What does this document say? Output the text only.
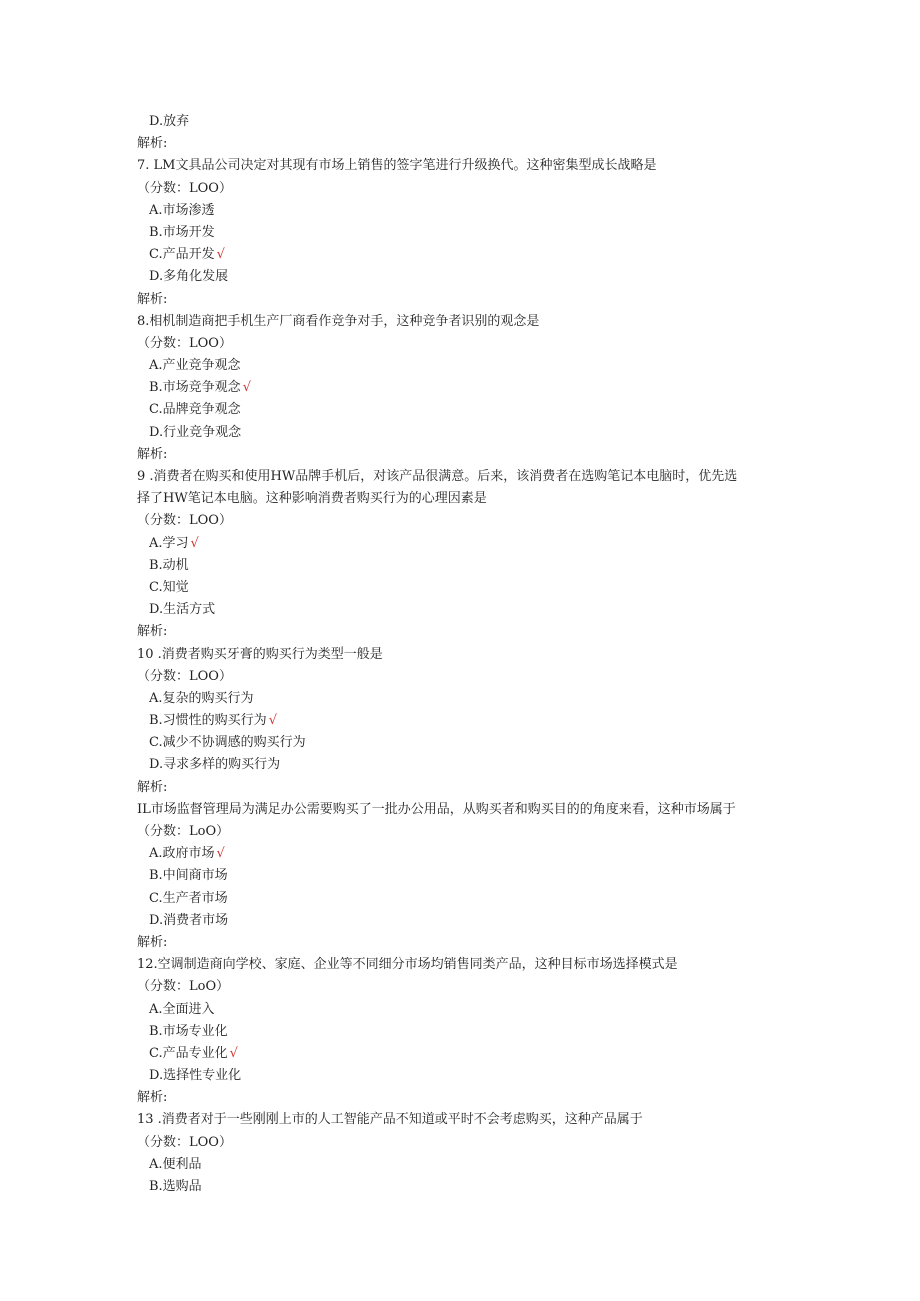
D.放弃
解析:
7. LM文具品公司决定对其现有市场上销售的签字笔进行升级换代。这种密集型成长战略是
（分数：LOO）
A.市场渗透
B.市场开发
C.产品开发 √
D.多角化发展
解析:
8.相机制造商把手机生产厂商看作竞争对手，这种竞争者识别的观念是
（分数：LOO）
A.产业竞争观念
B.市场竞争观念 √
C.品牌竞争观念
D.行业竞争观念
解析:
9 .消费者在购买和使用HW品牌手机后，对该产品很满意。后来，该消费者在选购笔记本电脑时，优先选
择了HW笔记本电脑。这种影响消费者购买行为的心理因素是
（分数：LOO）
A.学习 √
B.动机
C.知觉
D.生活方式
解析:
10 .消费者购买牙膏的购买行为类型一般是
（分数：LOO）
A.复杂的购买行为
B.习惯性的购买行为 √
C.减少不协调感的购买行为
D.寻求多样的购买行为
解析:
IL市场监督管理局为满足办公需要购买了一批办公用品，从购买者和购买目的的角度来看，这种市场属于
（分数：LoO）
A.政府市场 √
B.中间商市场
C.生产者市场
D.消费者市场
解析:
12.空调制造商向学校、家庭、企业等不同细分市场均销售同类产品，这种目标市场选择模式是
（分数：LoO）
A.全面进入
B.市场专业化
C.产品专业化 √
D.选择性专业化
解析:
13 .消费者对于一些刚刚上市的人工智能产品不知道或平时不会考虑购买，这种产品属于
（分数：LOO）
A.便利品
B.选购品
